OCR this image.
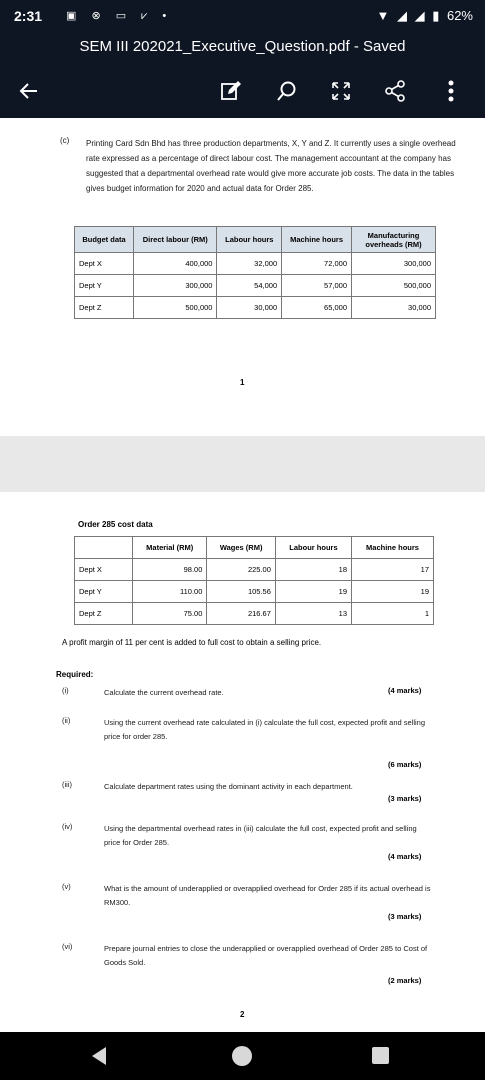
2:31 ▣ ⊗ ▭ ⩗ •	▼ ◢ ◢ ▮ 62%
SEM III 202021_Executive_Question.pdf - Saved
(c) Printing Card Sdn Bhd has three production departments, X, Y and Z. It currently uses a single overhead rate expressed as a percentage of direct labour cost. The management accountant at the company has suggested that a departmental overhead rate would give more accurate job costs. The data in the tables gives budget information for 2020 and actual data for Order 285.
Budget data	Direct labour (RM)	Labour hours	Machine hours	Manufacturing overheads (RM)
Dept X	400,000	32,000	72,000	300,000
Dept Y	300,000	54,000	57,000	500,000
Dept Z	500,000	30,000	65,000	30,000
1
Order 285 cost data
	Material (RM)	Wages (RM)	Labour hours	Machine hours
Dept X	98.00	225.00	18	17
Dept Y	110.00	105.56	19	19
Dept Z	75.00	216.67	13	1
A profit margin of 11 per cent is added to full cost to obtain a selling price.
Required:
(i)	Calculate the current overhead rate.	(4 marks)
(ii)	Using the current overhead rate calculated in (i) calculate the full cost, expected profit and selling price for order 285.
(6 marks)
(iii)	Calculate department rates using the dominant activity in each department.
(3 marks)
(iv)	Using the departmental overhead rates in (iii) calculate the full cost, expected profit and selling price for Order 285.
(4 marks)
(v)	What is the amount of underapplied or overapplied overhead for Order 285 if its actual overhead is RM300.
(3 marks)
(vi)	Prepare journal entries to close the underapplied or overapplied overhead of Order 285 to Cost of Goods Sold.
(2 marks)
2
